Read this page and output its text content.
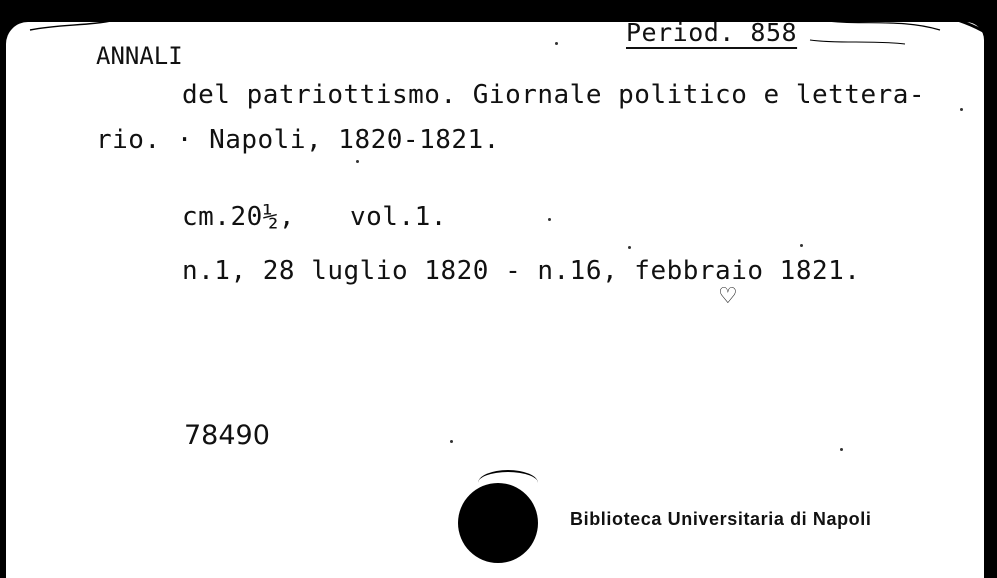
ANNALI
Period. 858
del patriottismo. Giornale politico e lettera-
rio. · Napoli, 1820-1821.
cm.20½, vol.1.
n.1, 28 luglio 1820 - n.16, febbraio 1821.
♡
78490
Biblioteca Universitaria di Napoli
